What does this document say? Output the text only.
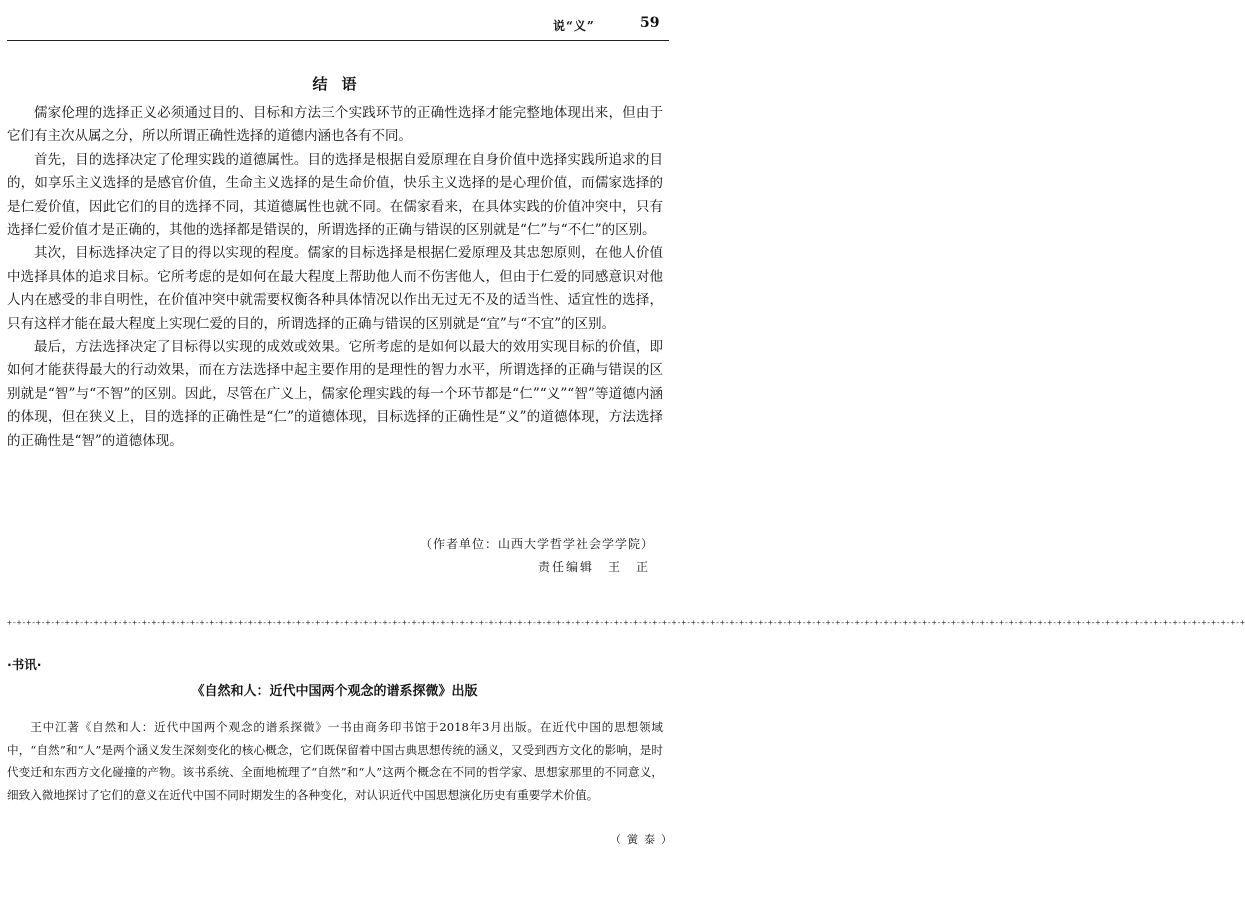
说“义”	59
结语

儒家伦理的选择正义必须通过目的、目标和方法三个实践环节的正确性选择才能完整地体现出来，但由于它们有主次从属之分，所以所谓正确性选择的道德内涵也各有不同。

首先，目的选择决定了伦理实践的道德属性。目的选择是根据自爱原理在自身价值中选择实践所追求的目的，如享乐主义选择的是感官价值，生命主义选择的是生命价值，快乐主义选择的是心理价值，而儒家选择的是仁爱价值，因此它们的目的选择不同，其道德属性也就不同。在儒家看来，在具体实践的价值冲突中，只有选择仁爱价值才是正确的，其他的选择都是错误的，所谓选择的正确与错误的区别就是“仁”与“不仁”的区别。

其次，目标选择决定了目的得以实现的程度。儒家的目标选择是根据仁爱原理及其忠恕原则，在他人价值中选择具体的追求目标。它所考虑的是如何在最大程度上帮助他人而不伤害他人，但由于仁爱的同感意识对他人内在感受的非自明性，在价值冲突中就需要权衡各种具体情况以作出无过无不及的适当性、适宜性的选择，只有这样才能在最大程度上实现仁爱的目的，所谓选择的正确与错误的区别就是“宜”与“不宜”的区别。

最后，方法选择决定了目标得以实现的成效或效果。它所考虑的是如何以最大的效用实现目标的价值，即如何才能获得最大的行动效果，而在方法选择中起主要作用的是理性的智力水平，所谓选择的正确与错误的区别就是“智”与“不智”的区别。因此，尽管在广义上，儒家伦理实践的每一个环节都是“仁”“义”“智”等道德内涵的体现，但在狭义上，目的选择的正确性是“仁”的道德体现，目标选择的正确性是“义”的道德体现，方法选择的正确性是“智”的道德体现。

（作者单位：山西大学哲学社会学学院）
责任编辑　王　正
+-+-+-+-+-+-+-+-+-+-+-+-+-+-+-+-+-+-+-+-+-+-+-+-+-+-+-+-+-+-+-+-+-+-+-+-+-+-+-+-+-+-+-+-+-+-+-+-+-+-+-+-+-+-+-+-+-+-+-+-+-+-+-+-+-+-+-+-+-+-+-+-+-+-+-+-+-+-+-+-+-+-+-+-+-+-+-+-+-+-+-+-+-+-+-+-+-+-+-+-+-+-+-+-+-+-+-+-+-+-+-+-+-+-+-+-+-+-+-+-+-+-+-+-+-+-+-+-+
·书讯·
《自然和人：近代中国两个观念的谱系探微》出版

王中江著《自然和人：近代中国两个观念的谱系探微》一书由商务印书馆于2018年3月出版。在近代中国的思想领域中，“自然”和“人”是两个涵义发生深刻变化的核心概念，它们既保留着中国古典思想传统的涵义，又受到西方文化的影响，是时代变迁和东西方文化碰撞的产物。该书系统、全面地梳理了“自然”和“人”这两个概念在不同的哲学家、思想家那里的不同意义，细致入微地探讨了它们的意义在近代中国不同时期发生的各种变化，对认识近代中国思想演化历史有重要学术价值。

（黉泰）
